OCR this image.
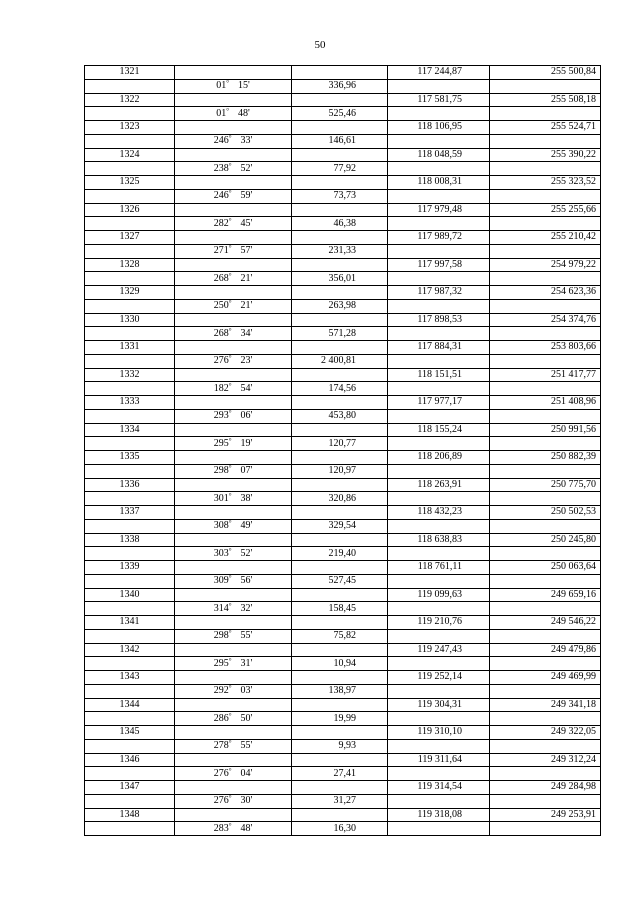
50
1321			117 244,87	255 500,84
	01° 15'	336,96		
1322			117 581,75	255 508,18
	01° 48'	525,46		
1323			118 106,95	255 524,71
	246° 33'	146,61		
1324			118 048,59	255 390,22
	238° 52'	77,92		
1325			118 008,31	255 323,52
	246° 59'	73,73		
1326			117 979,48	255 255,66
	282° 45'	46,38		
1327			117 989,72	255 210,42
	271° 57'	231,33		
1328			117 997,58	254 979,22
	268° 21'	356,01		
1329			117 987,32	254 623,36
	250° 21'	263,98		
1330			117 898,53	254 374,76
	268° 34'	571,28		
1331			117 884,31	253 803,66
	276° 23'	2 400,81		
1332			118 151,51	251 417,77
	182° 54'	174,56		
1333			117 977,17	251 408,96
	293° 06'	453,80		
1334			118 155,24	250 991,56
	295° 19'	120,77		
1335			118 206,89	250 882,39
	298° 07'	120,97		
1336			118 263,91	250 775,70
	301° 38'	320,86		
1337			118 432,23	250 502,53
	308° 49'	329,54		
1338			118 638,83	250 245,80
	303° 52'	219,40		
1339			118 761,11	250 063,64
	309° 56'	527,45		
1340			119 099,63	249 659,16
	314° 32'	158,45		
1341			119 210,76	249 546,22
	298° 55'	75,82		
1342			119 247,43	249 479,86
	295° 31'	10,94		
1343			119 252,14	249 469,99
	292° 03'	138,97		
1344			119 304,31	249 341,18
	286° 50'	19,99		
1345			119 310,10	249 322,05
	278° 55'	9,93		
1346			119 311,64	249 312,24
	276° 04'	27,41		
1347			119 314,54	249 284,98
	276° 30'	31,27		
1348			119 318,08	249 253,91
	283° 48'	16,30		
